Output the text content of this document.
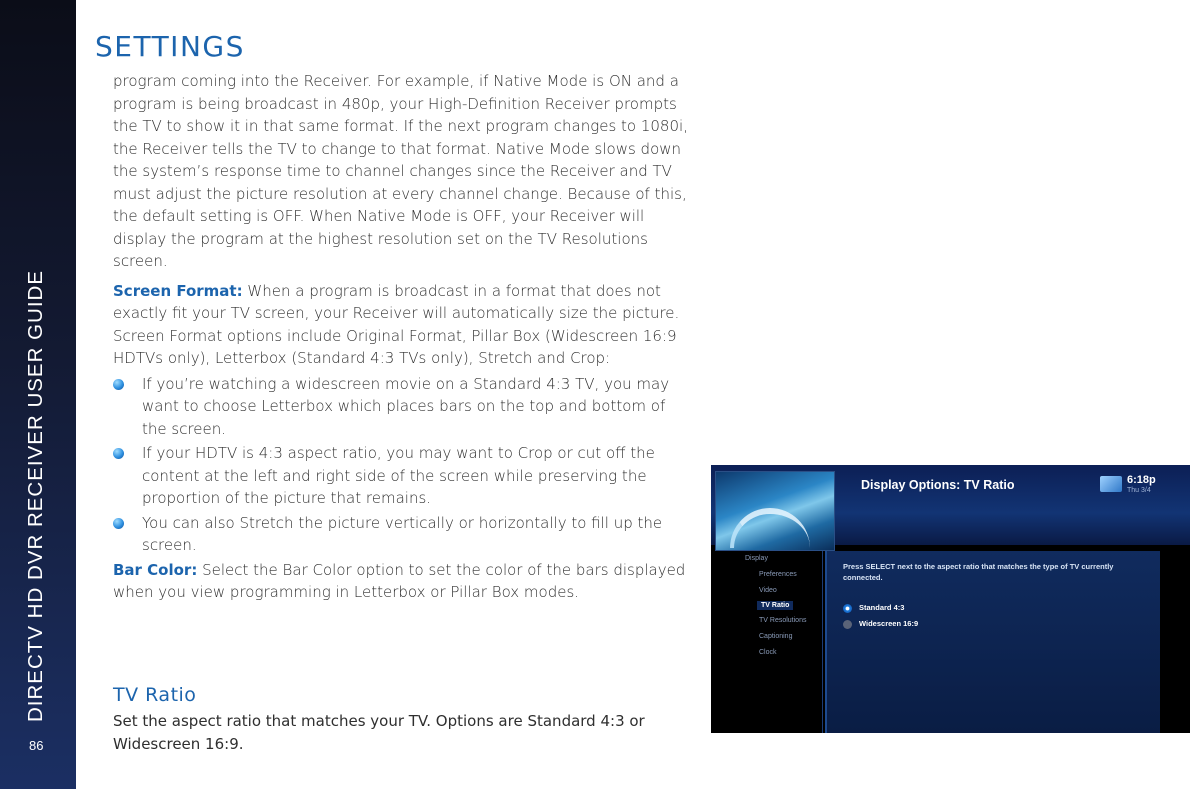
DIRECTV HD DVR RECEIVER USER GUIDE
86
SETTINGS

program coming into the Receiver. For example, if Native Mode is ON and a program is being broadcast in 480p, your High-Definition Receiver prompts the TV to show it in that same format. If the next program changes to 1080i, the Receiver tells the TV to change to that format. Native Mode slows down the system’s response time to channel changes since the Receiver and TV must adjust the picture resolution at every channel change. Because of this, the default setting is OFF. When Native Mode is OFF, your Receiver will display the program at the highest resolution set on the TV Resolutions screen.

Screen Format: When a program is broadcast in a format that does not exactly fit your TV screen, your Receiver will automatically size the picture. Screen Format options include Original Format, Pillar Box (Widescreen 16:9 HDTVs only), Letterbox (Standard 4:3 TVs only), Stretch and Crop:

If you’re watching a widescreen movie on a Standard 4:3 TV, you may want to choose Letterbox which places bars on the top and bottom of the screen.
If your HDTV is 4:3 aspect ratio, you may want to Crop or cut off the content at the left and right side of the screen while preserving the proportion of the picture that remains.
You can also Stretch the picture vertically or horizontally to fill up the screen.

Bar Color: Select the Bar Color option to set the color of the bars displayed when you view programming in Letterbox or Pillar Box modes.

TV Ratio
Set the aspect ratio that matches your TV. Options are Standard 4:3 or Widescreen 16:9.
Display Options: TV Ratio	6:18p
Thu 3/4
Display
Preferences
Video
TV Ratio
TV Resolutions
Captioning
Clock
Press SELECT next to the aspect ratio that matches the type of TV currently connected.
Standard 4:3
Widescreen 16:9
